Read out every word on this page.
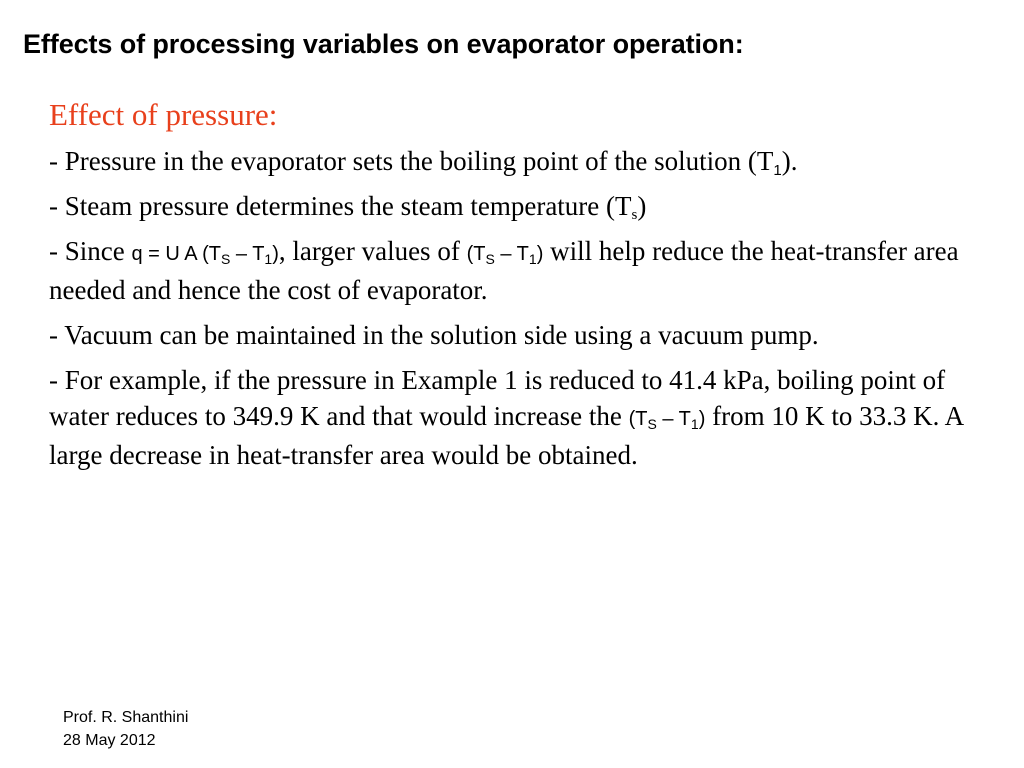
Effects of processing variables on evaporator operation:
Effect of pressure:
- Pressure in the evaporator sets the boiling point of the solution $(T_1)$.
- Steam pressure determines the steam temperature $(T_s)$
- Since q = U A $(T_S - T_1)$, larger values of $(T_S - T_1)$ will help reduce the heat-transfer area needed and hence the cost of evaporator.
- Vacuum can be maintained in the solution side using a vacuum pump.
- For example, if the pressure in Example 1 is reduced to 41.4 kPa, boiling point of water reduces to 349.9 K and that would increase the $(T_S - T_1)$ from 10 K to 33.3 K. A large decrease in heat-transfer area would be obtained.
Prof. R. Shanthini
28 May 2012
